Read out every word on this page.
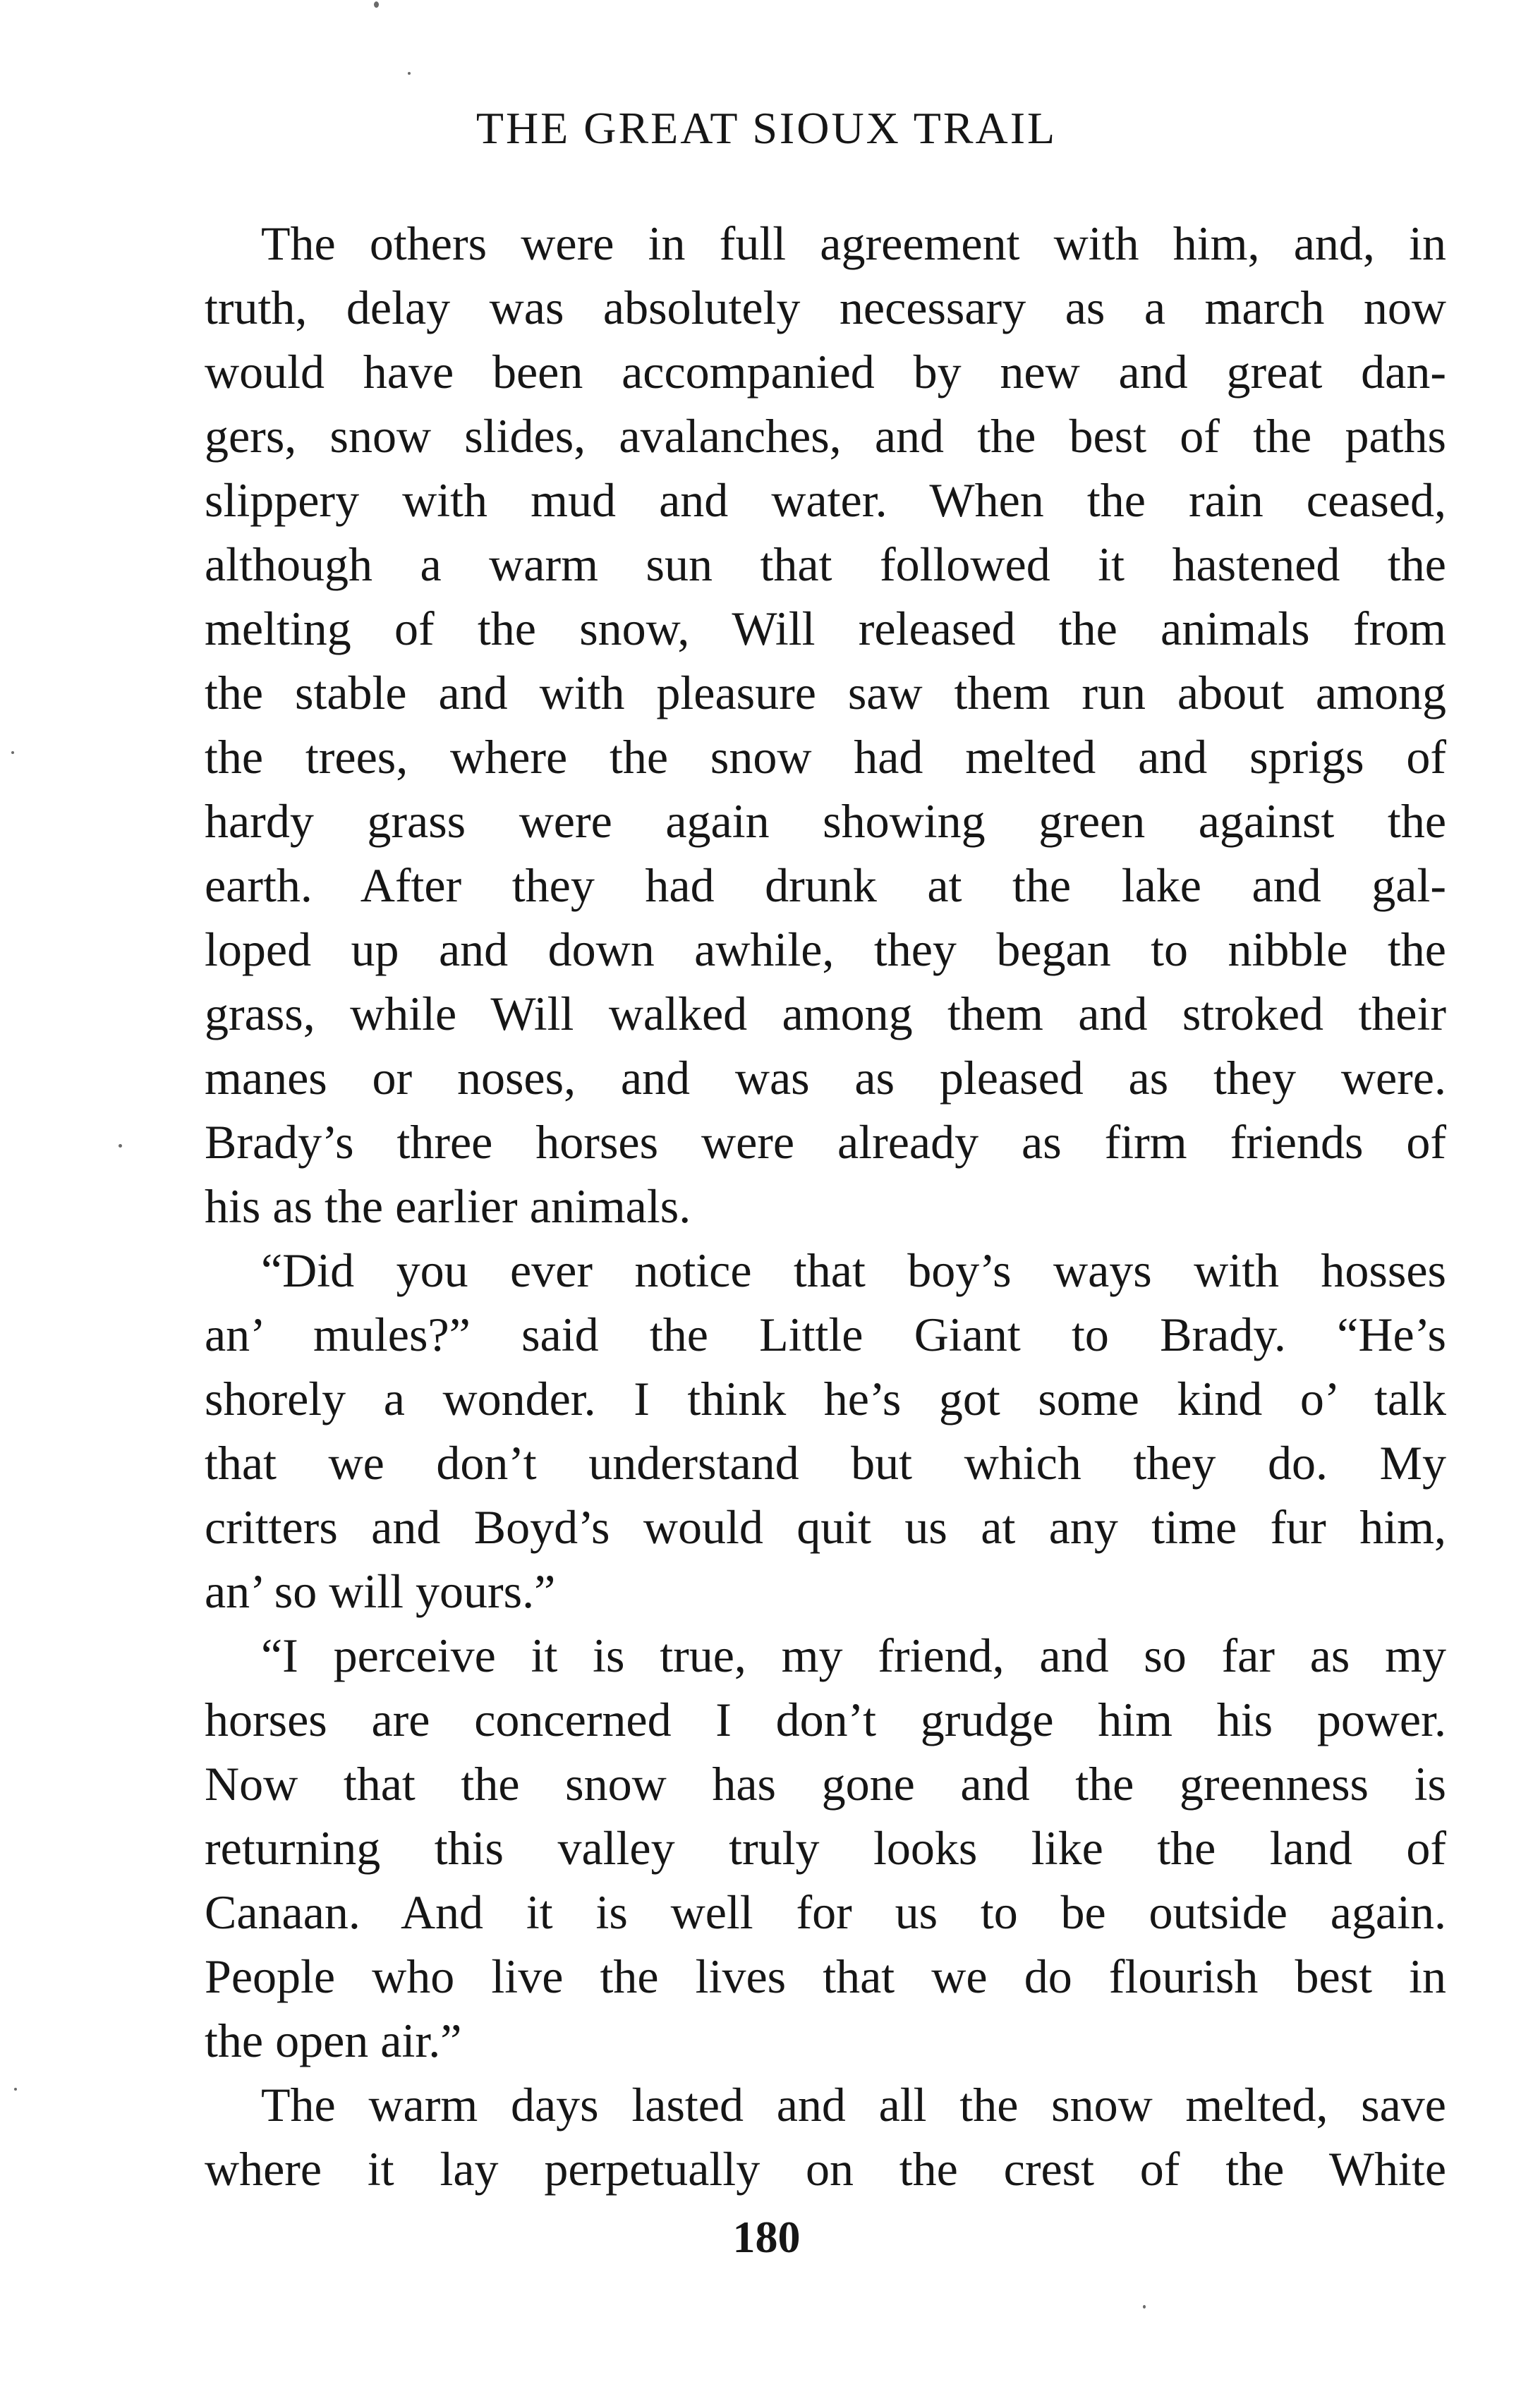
THE GREAT SIOUX TRAIL

The others were in full agreement with him, and, in
truth, delay was absolutely necessary as a march now
would have been accompanied by new and great dan-
gers, snow slides, avalanches, and the best of the paths
slippery with mud and water. When the rain ceased,
although a warm sun that followed it hastened the
melting of the snow, Will released the animals from
the stable and with pleasure saw them run about among
the trees, where the snow had melted and sprigs of
hardy grass were again showing green against the
earth. After they had drunk at the lake and gal-
loped up and down awhile, they began to nibble the
grass, while Will walked among them and stroked their
manes or noses, and was as pleased as they were.
Brady’s three horses were already as firm friends of
his as the earlier animals.

“Did you ever notice that boy’s ways with hosses
an’ mules?” said the Little Giant to Brady. “He’s
shorely a wonder. I think he’s got some kind o’ talk
that we don’t understand but which they do. My
critters and Boyd’s would quit us at any time fur him,
an’ so will yours.”

“I perceive it is true, my friend, and so far as my
horses are concerned I don’t grudge him his power.
Now that the snow has gone and the greenness is
returning this valley truly looks like the land of
Canaan. And it is well for us to be outside again.
People who live the lives that we do flourish best in
the open air.”

The warm days lasted and all the snow melted, save
where it lay perpetually on the crest of the White

180
